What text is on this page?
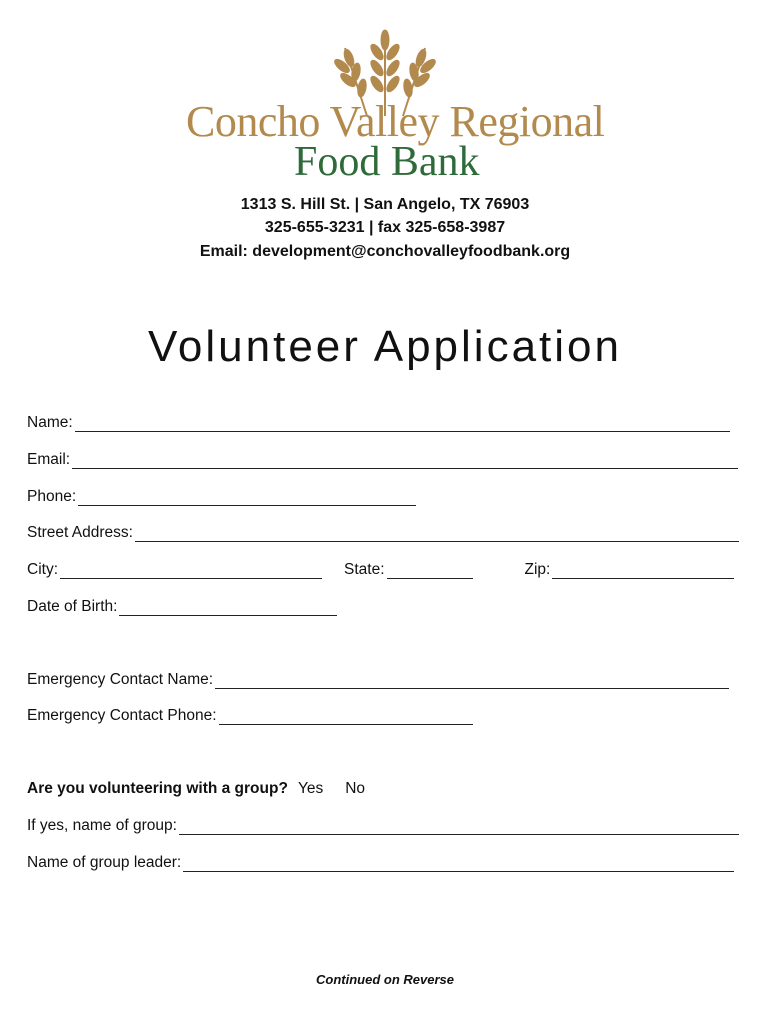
Concho Valley Regional
Food Bank
1313 S. Hill St. | San Angelo, TX 76903
325-655-3231 | fax 325-658-3987
Email: development@conchovalleyfoodbank.org
Volunteer Application
Name:
Email:
Phone:
Street Address:
City:	State:	Zip:
Date of Birth:
Emergency Contact Name:
Emergency Contact Phone:
Are you volunteering with a group? Yes No
If yes, name of group:
Name of group leader:
Continued on Reverse
